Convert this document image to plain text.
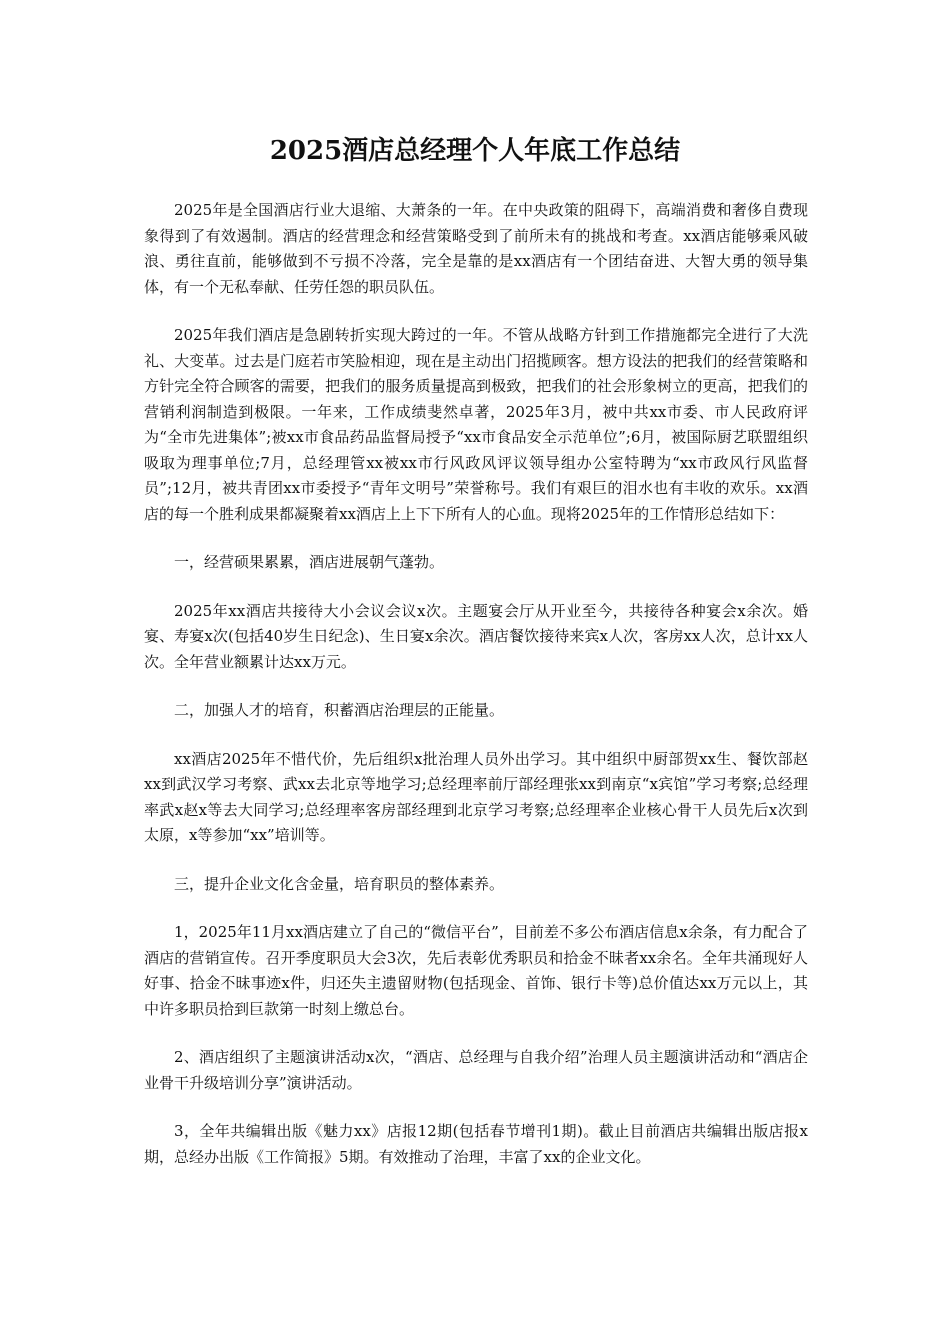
2025酒店总经理个人年底工作总结

2025年是全国酒店行业大退缩、大萧条的一年。在中央政策的阻碍下，高端消费和奢侈自费现象得到了有效遏制。酒店的经营理念和经营策略受到了前所未有的挑战和考查。xx酒店能够乘风破浪、勇往直前，能够做到不亏损不冷落，完全是靠的是xx酒店有一个团结奋进、大智大勇的领导集体，有一个无私奉献、任劳任怨的职员队伍。

2025年我们酒店是急剧转折实现大跨过的一年。不管从战略方针到工作措施都完全进行了大洗礼、大变革。过去是门庭若市笑脸相迎，现在是主动出门招揽顾客。想方设法的把我们的经营策略和方针完全符合顾客的需要，把我们的服务质量提高到极致，把我们的社会形象树立的更高，把我们的营销利润制造到极限。一年来，工作成绩斐然卓著，2025年3月，被中共xx市委、市人民政府评为“全市先进集体”;被xx市食品药品监督局授予“xx市食品安全示范单位”;6月，被国际厨艺联盟组织吸取为理事单位;7月，总经理管xx被xx市行风政风评议领导组办公室特聘为“xx市政风行风监督员”;12月，被共青团xx市委授予“青年文明号”荣誉称号。我们有艰巨的泪水也有丰收的欢乐。xx酒店的每一个胜利成果都凝聚着xx酒店上上下下所有人的心血。现将2025年的工作情形总结如下：

一，经营硕果累累，酒店进展朝气蓬勃。

2025年xx酒店共接待大小会议会议x次。主题宴会厅从开业至今，共接待各种宴会x余次。婚宴、寿宴x次(包括40岁生日纪念)、生日宴x余次。酒店餐饮接待来宾x人次，客房xx人次，总计xx人次。全年营业额累计达xx万元。

二，加强人才的培育，积蓄酒店治理层的正能量。

xx酒店2025年不惜代价，先后组织x批治理人员外出学习。其中组织中厨部贺xx生、餐饮部赵xx到武汉学习考察、武xx去北京等地学习;总经理率前厅部经理张xx到南京“x宾馆”学习考察;总经理率武x赵x等去大同学习;总经理率客房部经理到北京学习考察;总经理率企业核心骨干人员先后x次到太原，x等参加“xx”培训等。

三，提升企业文化含金量，培育职员的整体素养。

1，2025年11月xx酒店建立了自己的“微信平台”，目前差不多公布酒店信息x余条，有力配合了酒店的营销宣传。召开季度职员大会3次，先后表彰优秀职员和拾金不昧者xx余名。全年共涌现好人好事、拾金不昧事迹x件，归还失主遗留财物(包括现金、首饰、银行卡等)总价值达xx万元以上，其中许多职员拾到巨款第一时刻上缴总台。

2、酒店组织了主题演讲活动x次，“酒店、总经理与自我介绍”治理人员主题演讲活动和“酒店企业骨干升级培训分享”演讲活动。

3，全年共编辑出版《魅力xx》店报12期(包括春节增刊1期)。截止目前酒店共编辑出版店报x期，总经办出版《工作简报》5期。有效推动了治理，丰富了xx的企业文化。
